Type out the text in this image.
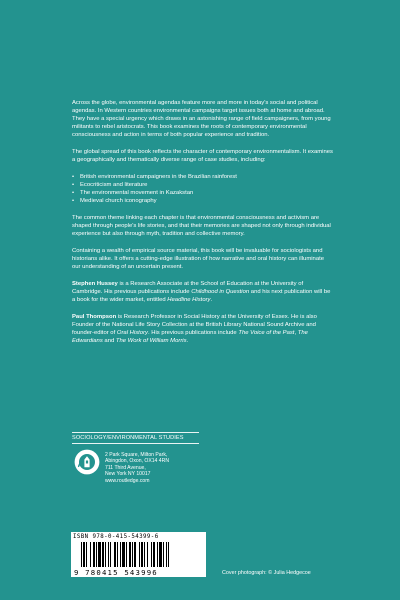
Across the globe, environmental agendas feature more and more in today's social and political agendas. In Western countries environmental campaigns target issues both at home and abroad. They have a special urgency which draws in an astonishing range of field campaigners, from young militants to rebel aristocrats. This book examines the roots of contemporary environmental consciousness and action in terms of both popular experience and tradition.

The global spread of this book reflects the character of contemporary environmentalism. It examines a geographically and thematically diverse range of case studies, including:

• British environmental campaigners in the Brazilian rainforest
• Ecocriticism and literature
• The environmental movement in Kazakstan
• Medieval church iconography

The common theme linking each chapter is that environmental consciousness and activism are shaped through people's life stories, and that their memories are shaped not only through individual experience but also through myth, tradition and collective memory.

Containing a wealth of empirical source material, this book will be invaluable for sociologists and historians alike. It offers a cutting-edge illustration of how narrative and oral history can illuminate our understanding of an uncertain present.

Stephen Hussey is a Research Associate at the School of Education at the University of Cambridge. His previous publications include Childhood in Question and his next publication will be a book for the wider market, entitled Headline History.

Paul Thompson is Research Professor in Social History at the University of Essex. He is also Founder of the National Life Story Collection at the British Library National Sound Archive and founder-editor of Oral History. His previous publications include The Voice of the Past, The Edwardians and The Work of William Morris.

SOCIOLOGY/ENVIRONMENTAL STUDIES
2 Park Square, Milton Park,
Abingdon, Oxon, OX14 4RN
711 Third Avenue,
New York NY 10017
www.routledge.com
ISBN 978-0-415-54399-6
9 780415 543996	Cover photograph: © Julia Hedgecoe
